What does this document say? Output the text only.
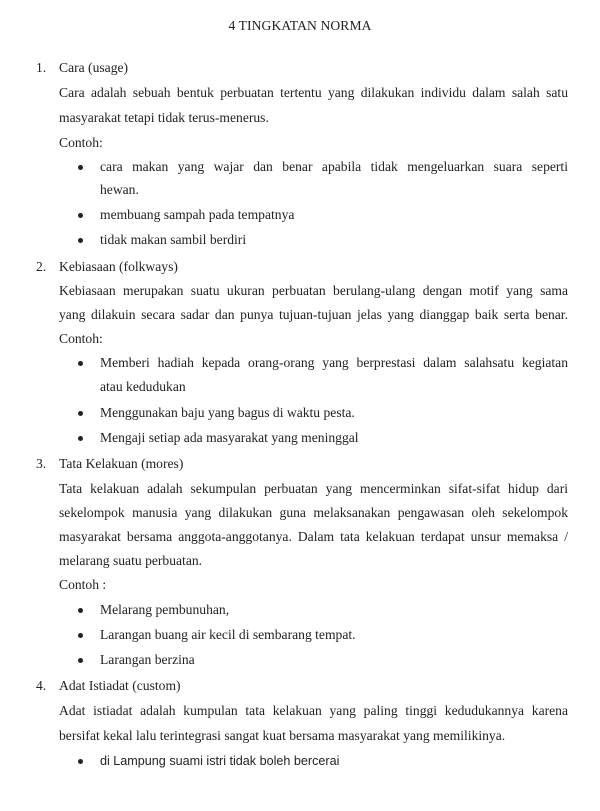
4 TINGKATAN NORMA
1. Cara (usage)
Cara adalah sebuah bentuk perbuatan tertentu yang dilakukan individu dalam salah satu
masyarakat tetapi tidak terus-menerus.
Contoh:
cara makan yang wajar dan benar apabila tidak mengeluarkan suara seperti
hewan.
membuang sampah pada tempatnya
tidak makan sambil berdiri
2. Kebiasaan (folkways)
Kebiasaan merupakan suatu ukuran perbuatan berulang-ulang dengan motif yang sama
yang dilakuin secara sadar dan punya tujuan-tujuan jelas yang dianggap baik serta benar.
Contoh:
Memberi hadiah kepada orang-orang yang berprestasi dalam salahsatu kegiatan
atau kedudukan
Menggunakan baju yang bagus di waktu pesta.
Mengaji setiap ada masyarakat yang meninggal
3. Tata Kelakuan (mores)
Tata kelakuan adalah sekumpulan perbuatan yang mencerminkan sifat-sifat hidup dari
sekelompok manusia yang dilakukan guna melaksanakan pengawasan oleh sekelompok
masyarakat bersama anggota-anggotanya. Dalam tata kelakuan terdapat unsur memaksa /
melarang suatu perbuatan.
Contoh :
Melarang pembunuhan,
Larangan buang air kecil di sembarang tempat.
Larangan berzina
4. Adat Istiadat (custom)
Adat istiadat adalah kumpulan tata kelakuan yang paling tinggi kedudukannya karena
bersifat kekal lalu terintegrasi sangat kuat bersama masyarakat yang memilikinya.
di Lampung suami istri tidak boleh bercerai
